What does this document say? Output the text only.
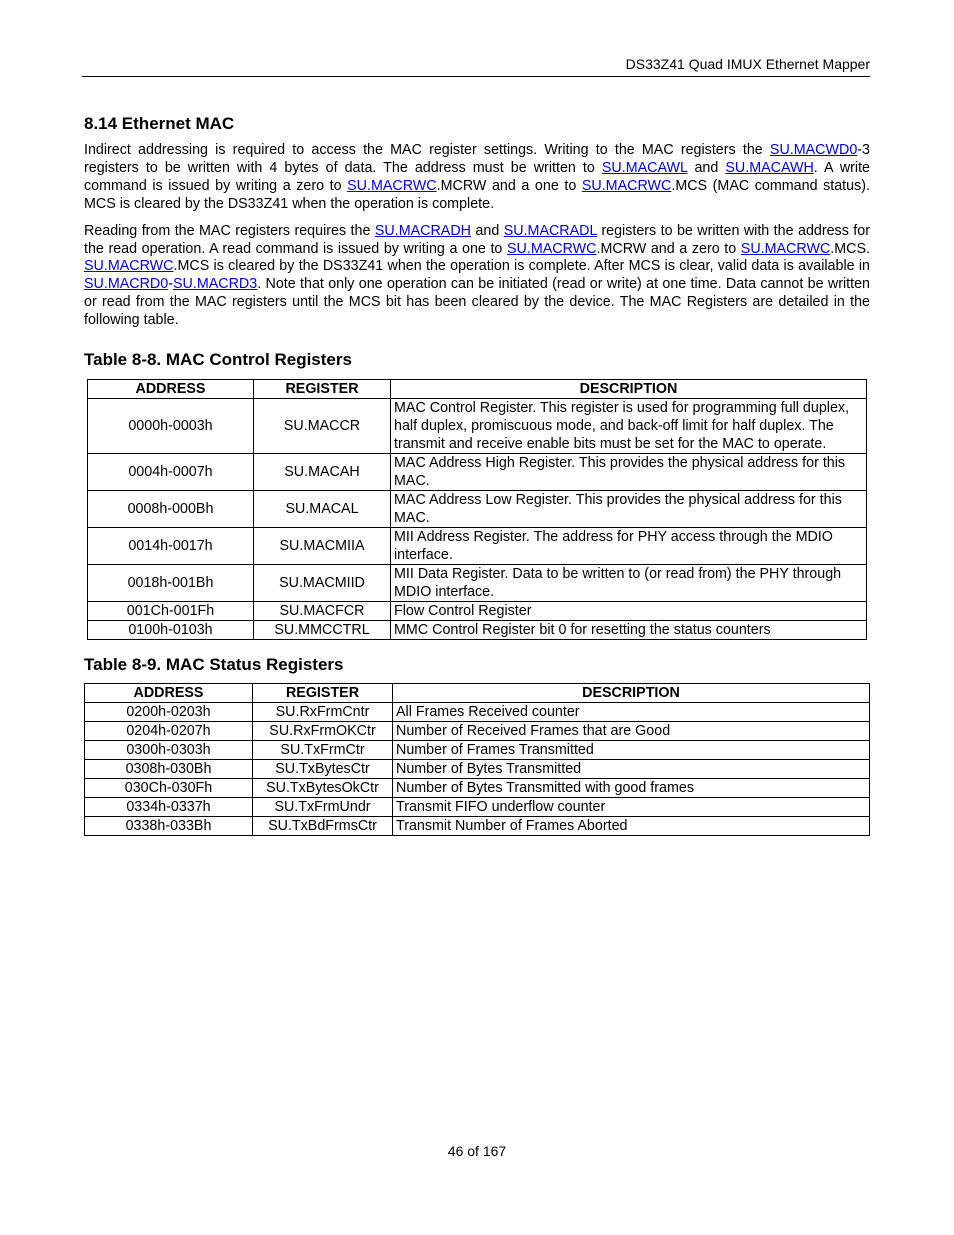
DS33Z41 Quad IMUX Ethernet Mapper
8.14 Ethernet MAC

Indirect addressing is required to access the MAC register settings. Writing to the MAC registers the SU.MACWD0-3 registers to be written with 4 bytes of data. The address must be written to SU.MACAWL and SU.MACAWH. A write command is issued by writing a zero to SU.MACRWC.MCRW and a one to SU.MACRWC.MCS (MAC command status). MCS is cleared by the DS33Z41 when the operation is complete.

Reading from the MAC registers requires the SU.MACRADH and SU.MACRADL registers to be written with the address for the read operation. A read command is issued by writing a one to SU.MACRWC.MCRW and a zero to SU.MACRWC.MCS. SU.MACRWC.MCS is cleared by the DS33Z41 when the operation is complete. After MCS is clear, valid data is available in SU.MACRD0-SU.MACRD3. Note that only one operation can be initiated (read or write) at one time. Data cannot be written or read from the MAC registers until the MCS bit has been cleared by the device. The MAC Registers are detailed in the following table.

Table 8-8. MAC Control Registers
ADDRESS	REGISTER	DESCRIPTION
0000h-0003h	SU.MACCR	MAC Control Register. This register is used for programming full duplex, half duplex, promiscuous mode, and back-off limit for half duplex. The transmit and receive enable bits must be set for the MAC to operate.
0004h-0007h	SU.MACAH	MAC Address High Register. This provides the physical address for this MAC.
0008h-000Bh	SU.MACAL	MAC Address Low Register. This provides the physical address for this MAC.
0014h-0017h	SU.MACMIIA	MII Address Register. The address for PHY access through the MDIO interface.
0018h-001Bh	SU.MACMIID	MII Data Register. Data to be written to (or read from) the PHY through MDIO interface.
001Ch-001Fh	SU.MACFCR	Flow Control Register
0100h-0103h	SU.MMCCTRL	MMC Control Register bit 0 for resetting the status counters
Table 8-9. MAC Status Registers
ADDRESS	REGISTER	DESCRIPTION
0200h-0203h	SU.RxFrmCntr	All Frames Received counter
0204h-0207h	SU.RxFrmOKCtr	Number of Received Frames that are Good
0300h-0303h	SU.TxFrmCtr	Number of Frames Transmitted
0308h-030Bh	SU.TxBytesCtr	Number of Bytes Transmitted
030Ch-030Fh	SU.TxBytesOkCtr	Number of Bytes Transmitted with good frames
0334h-0337h	SU.TxFrmUndr	Transmit FIFO underflow counter
0338h-033Bh	SU.TxBdFrmsCtr	Transmit Number of Frames Aborted
46 of 167
